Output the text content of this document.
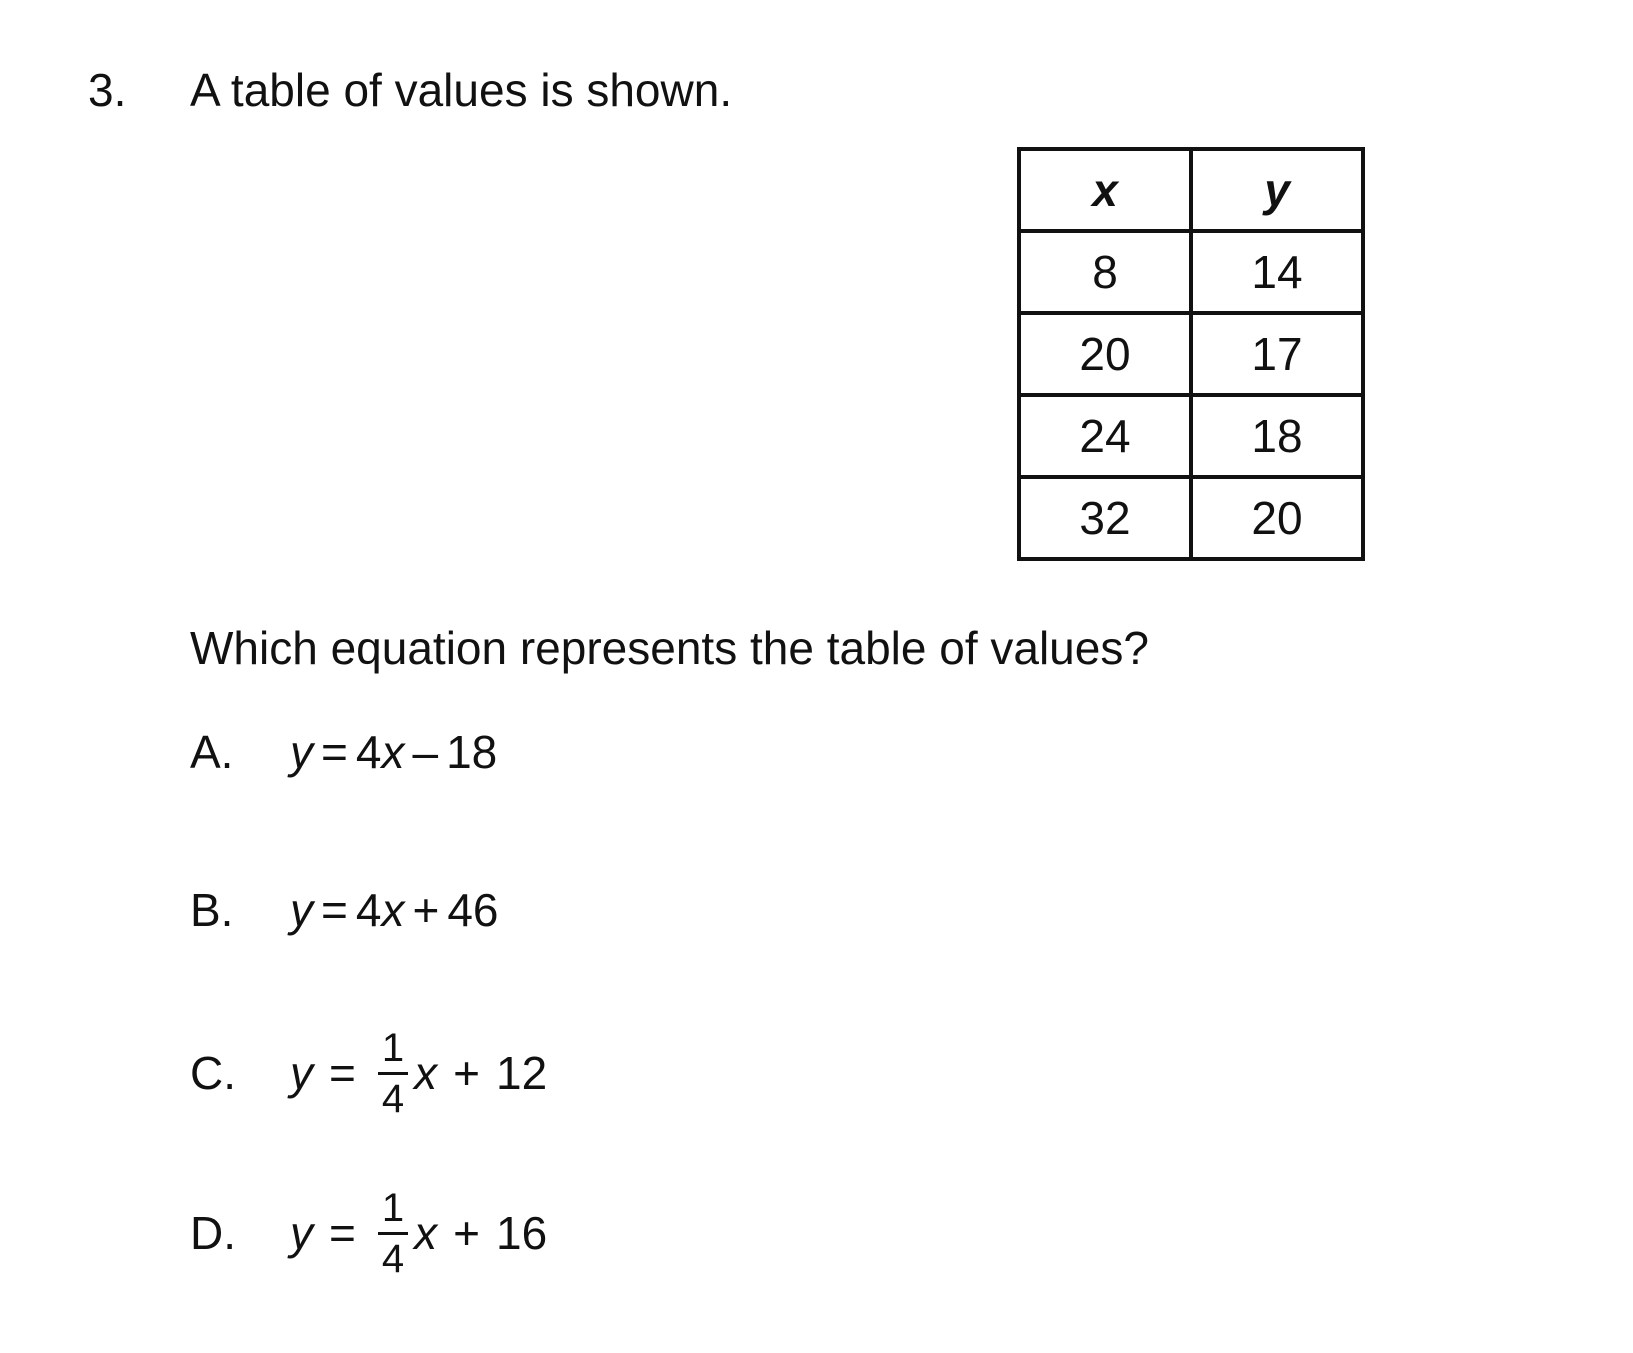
3. A table of values is shown.
x	y
8	14
20	17
24	18
32	20
Which equation represents the table of values?
A.	y = 4 x – 18
B.	y = 4 x + 46
C.	$y = \frac{1}{4}$ x + 12
D.	$y = \frac{1}{4}$ x + 16
